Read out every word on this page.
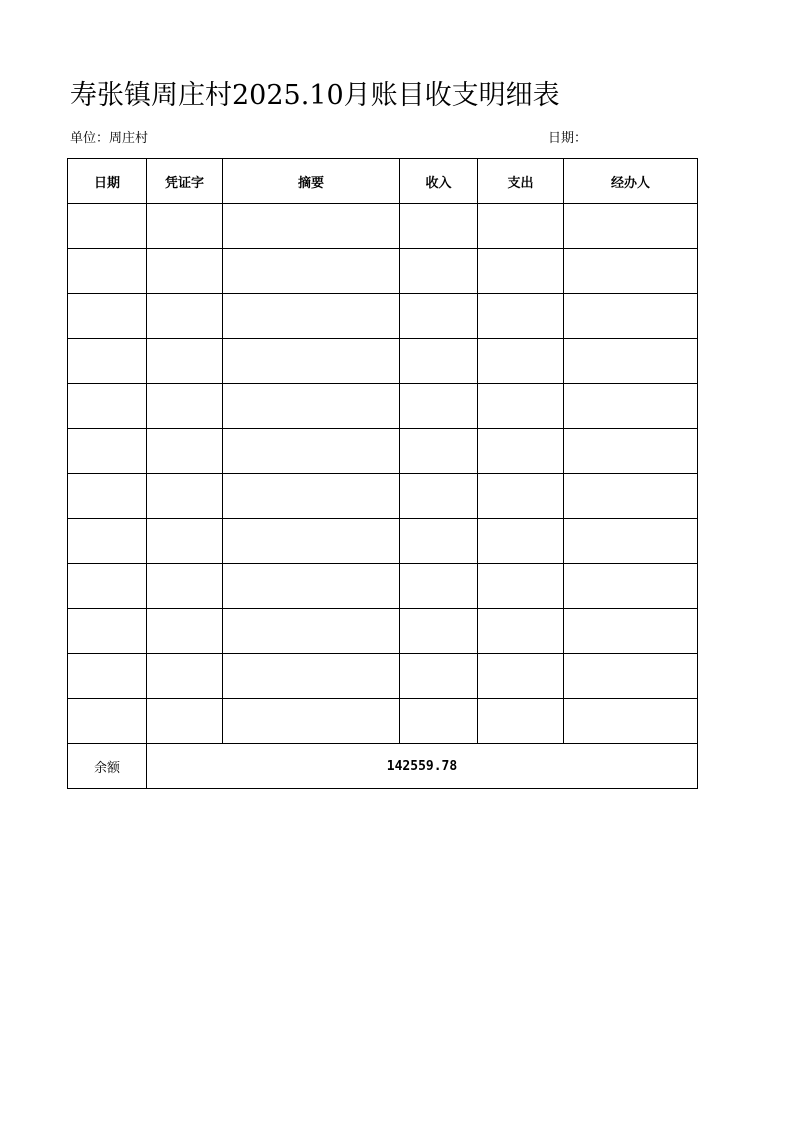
寿张镇周庄村2025.10月账目收支明细表
单位：周庄村	日期：
日期	凭证字	摘要	收入	支出	经办人

余额	142559.78				
